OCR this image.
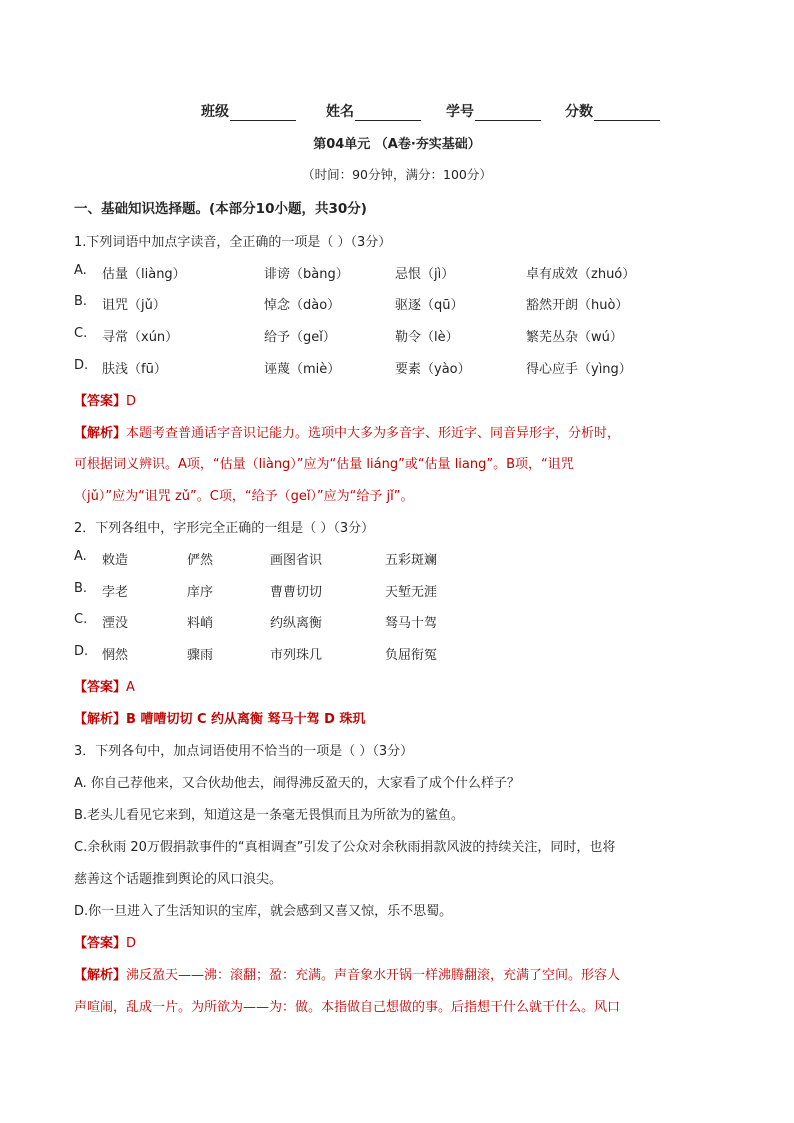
班级	姓名	学号	分数
第04单元 （A卷·夯实基础）
（时间：90分钟，满分：100分）
一、基础知识选择题。(本部分10小题，共30分)
1.下列词语中加点字读音，全正确的一项是（ ）（3分）
A. 估量（liàng）	诽谤（bàng）	忌恨（jì）	卓有成效（zhuó）
B. 诅咒（jǔ）	悼念（dào）	驱逐（qū）	豁然开朗（huò）
C. 寻常（xún）	给予（geǐ）	勒令（lè）	繁芜丛杂（wú）
D. 肤浅（fū）	诬蔑（miè）	要素（yào）	得心应手（yìng）
【答案】D
【解析】本题考查普通话字音识记能力。选项中大多为多音字、形近字、同音异形字，分析时，
可根据词义辨识。A项，“估量（liàng）”应为“估量 liáng”或“估量 liang”。B项，“诅咒
（jǔ）”应为“诅咒 zǔ”。C项，“给予（geǐ）”应为“给予 jǐ”。
2．下列各组中，字形完全正确的一组是（ ）（3分）
A. 敕造	俨然	画图省识	五彩斑斓
B. 孛老	庠序	曹曹切切	天堑无涯
C. 湮没	料峭	约纵离衡	驽马十驾
D. 惘然	骤雨	市列珠几	负屈衔冤
【答案】A
【解析】B 嘈嘈切切 C 约从离衡 驽马十驾 D 珠玑
3．下列各句中，加点词语使用不恰当的一项是（ ）（3分）
A. 你自己荐他来，又合伙劫他去，闹得沸反盈天的，大家看了成个什么样子？
B.老头儿看见它来到，知道这是一条毫无畏惧而且为所欲为的鲨鱼。
C.余秋雨 20万假捐款事件的“真相调查”引发了公众对余秋雨捐款风波的持续关注，同时，也将
慈善这个话题推到舆论的风口浪尖。
D.你一旦进入了生活知识的宝库，就会感到又喜又惊，乐不思蜀。
【答案】D
【解析】沸反盈天——沸：滚翻；盈：充满。声音象水开锅一样沸腾翻滚，充满了空间。形容人
声喧闹，乱成一片。为所欲为——为：做。本指做自己想做的事。后指想干什么就干什么。风口
